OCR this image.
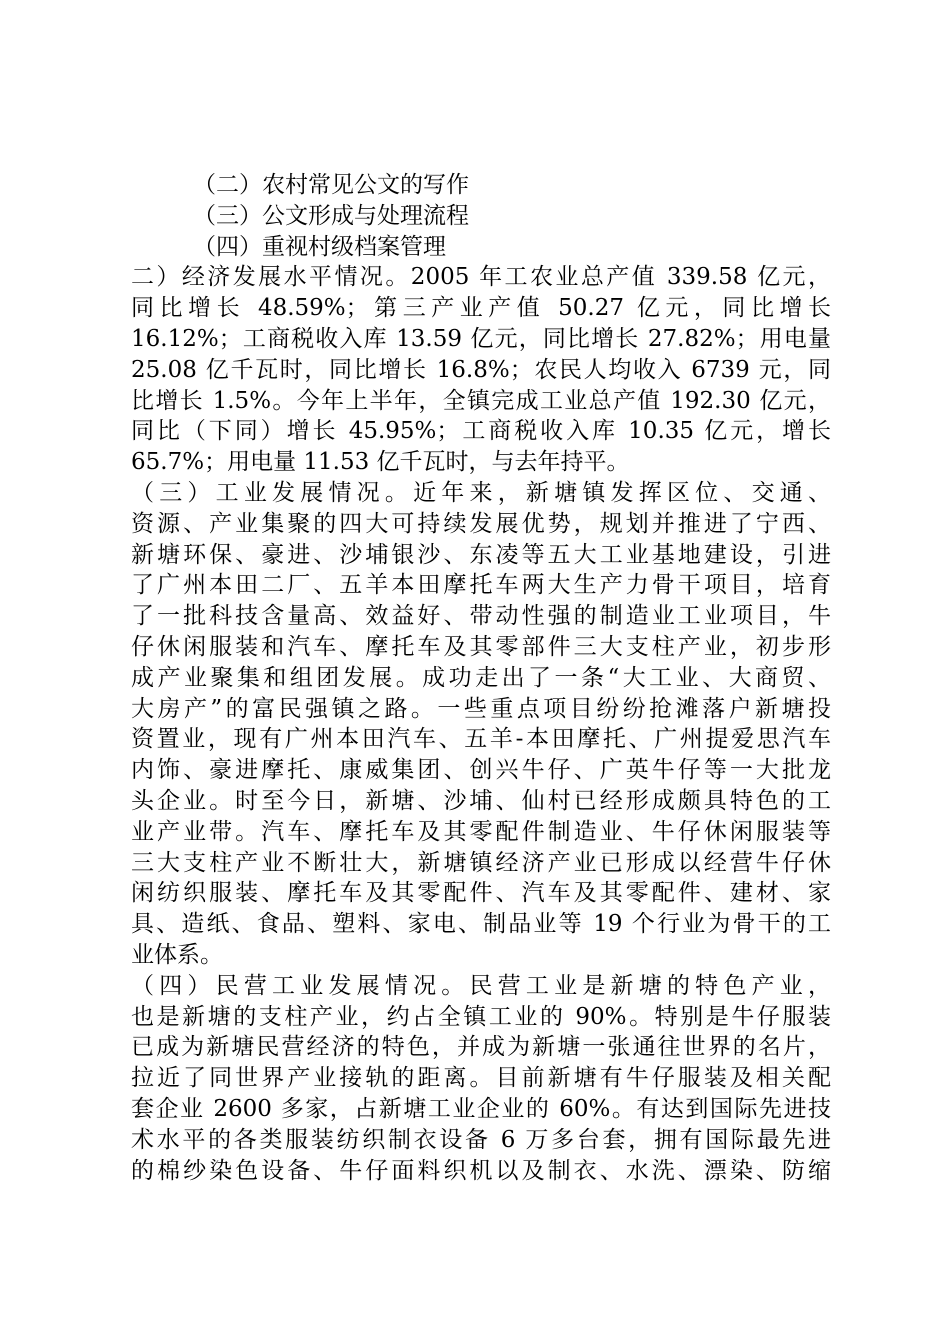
（二）农村常见公文的写作
（三）公文形成与处理流程
（四）重视村级档案管理
二）经济发展水平情况。2005 年工农业总产值 339.58 亿元，
同比增长 48.59%；第三产业产值 50.27 亿元，同比增长
16.12%；工商税收入库 13.59 亿元，同比增长 27.82%；用电量
25.08 亿千瓦时，同比增长 16.8%；农民人均收入 6739 元，同
比增长 1.5%。今年上半年，全镇完成工业总产值 192.30 亿元，
同比（下同）增长 45.95%；工商税收入库 10.35 亿元，增长
65.7%；用电量 11.53 亿千瓦时，与去年持平。
（三）工业发展情况。近年来，新塘镇发挥区位、交通、
资源、产业集聚的四大可持续发展优势，规划并推进了宁西、
新塘环保、豪进、沙埔银沙、东凌等五大工业基地建设，引进
了广州本田二厂、五羊本田摩托车两大生产力骨干项目，培育
了一批科技含量高、效益好、带动性强的制造业工业项目，牛
仔休闲服装和汽车、摩托车及其零部件三大支柱产业，初步形
成产业聚集和组团发展。成功走出了一条“大工业、大商贸、
大房产”的富民强镇之路。一些重点项目纷纷抢滩落户新塘投
资置业，现有广州本田汽车、五羊-本田摩托、广州提爱思汽车
内饰、豪进摩托、康威集团、创兴牛仔、广英牛仔等一大批龙
头企业。时至今日，新塘、沙埔、仙村已经形成颇具特色的工
业产业带。汽车、摩托车及其零配件制造业、牛仔休闲服装等
三大支柱产业不断壮大，新塘镇经济产业已形成以经营牛仔休
闲纺织服装、摩托车及其零配件、汽车及其零配件、建材、家
具、造纸、食品、塑料、家电、制品业等 19 个行业为骨干的工
业体系。
（四）民营工业发展情况。民营工业是新塘的特色产业，
也是新塘的支柱产业，约占全镇工业的 90%。特别是牛仔服装
已成为新塘民营经济的特色，并成为新塘一张通往世界的名片，
拉近了同世界产业接轨的距离。目前新塘有牛仔服装及相关配
套企业 2600 多家，占新塘工业企业的 60%。有达到国际先进技
术水平的各类服装纺织制衣设备 6 万多台套，拥有国际最先进
的棉纱染色设备、牛仔面料织机以及制衣、水洗、漂染、防缩
